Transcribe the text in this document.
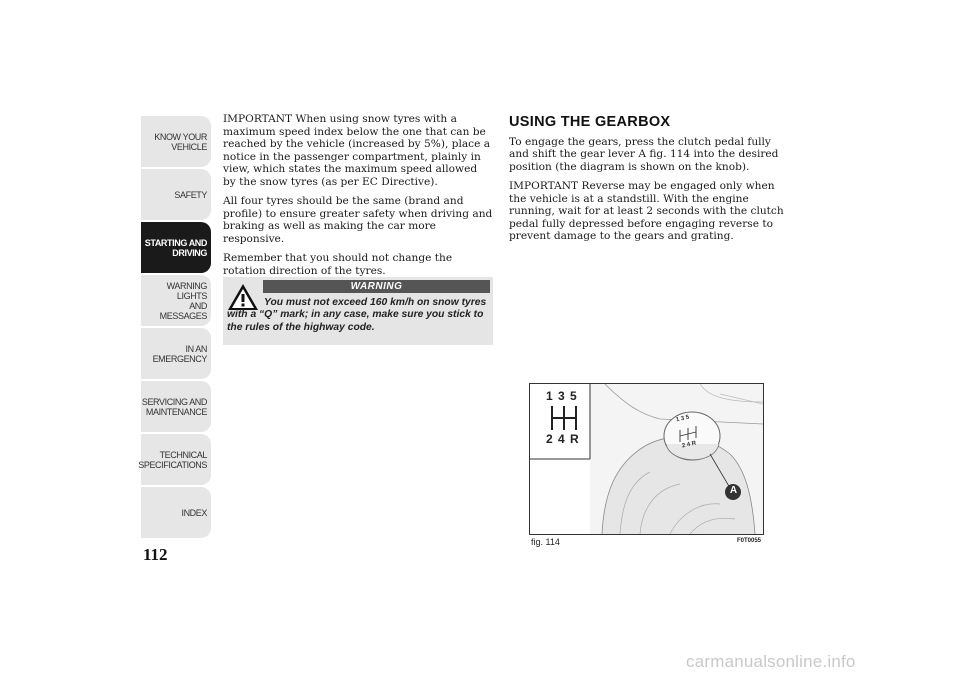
KNOW YOUR
VEHICLE
SAFETY
STARTING AND
DRIVING
WARNING LIGHTS
AND MESSAGES
IN AN EMERGENCY
SERVICING AND
MAINTENANCE
TECHNICAL
SPECIFICATIONS
INDEX
112

IMPORTANT When using snow tyres with a maximum speed index below the one that can be reached by the vehicle (increased by 5%), place a notice in the passenger compartment, plainly in view, which states the maximum speed allowed by the snow tyres (as per EC Directive).

All four tyres should be the same (brand and profile) to ensure greater safety when driving and braking as well as making the car more responsive.

Remember that you should not change the rotation direction of the tyres.

WARNING
You must not exceed 160 km/h on snow tyres with a “Q” mark; in any case, make sure you stick to the rules of the highway code.
USING THE GEARBOX

To engage the gears, press the clutch pedal fully and shift the gear lever A fig. 114 into the desired position (the diagram is shown on the knob).

IMPORTANT Reverse may be engaged only when the vehicle is at a standstill. With the engine running, wait for at least 2 seconds with the clutch pedal fully depressed before engaging reverse to prevent damage to the gears and grating.

1 3 5
2 4 R
1 3 5
2 4 R
A
fig. 114	F0T0055
carmanualsonline.info
